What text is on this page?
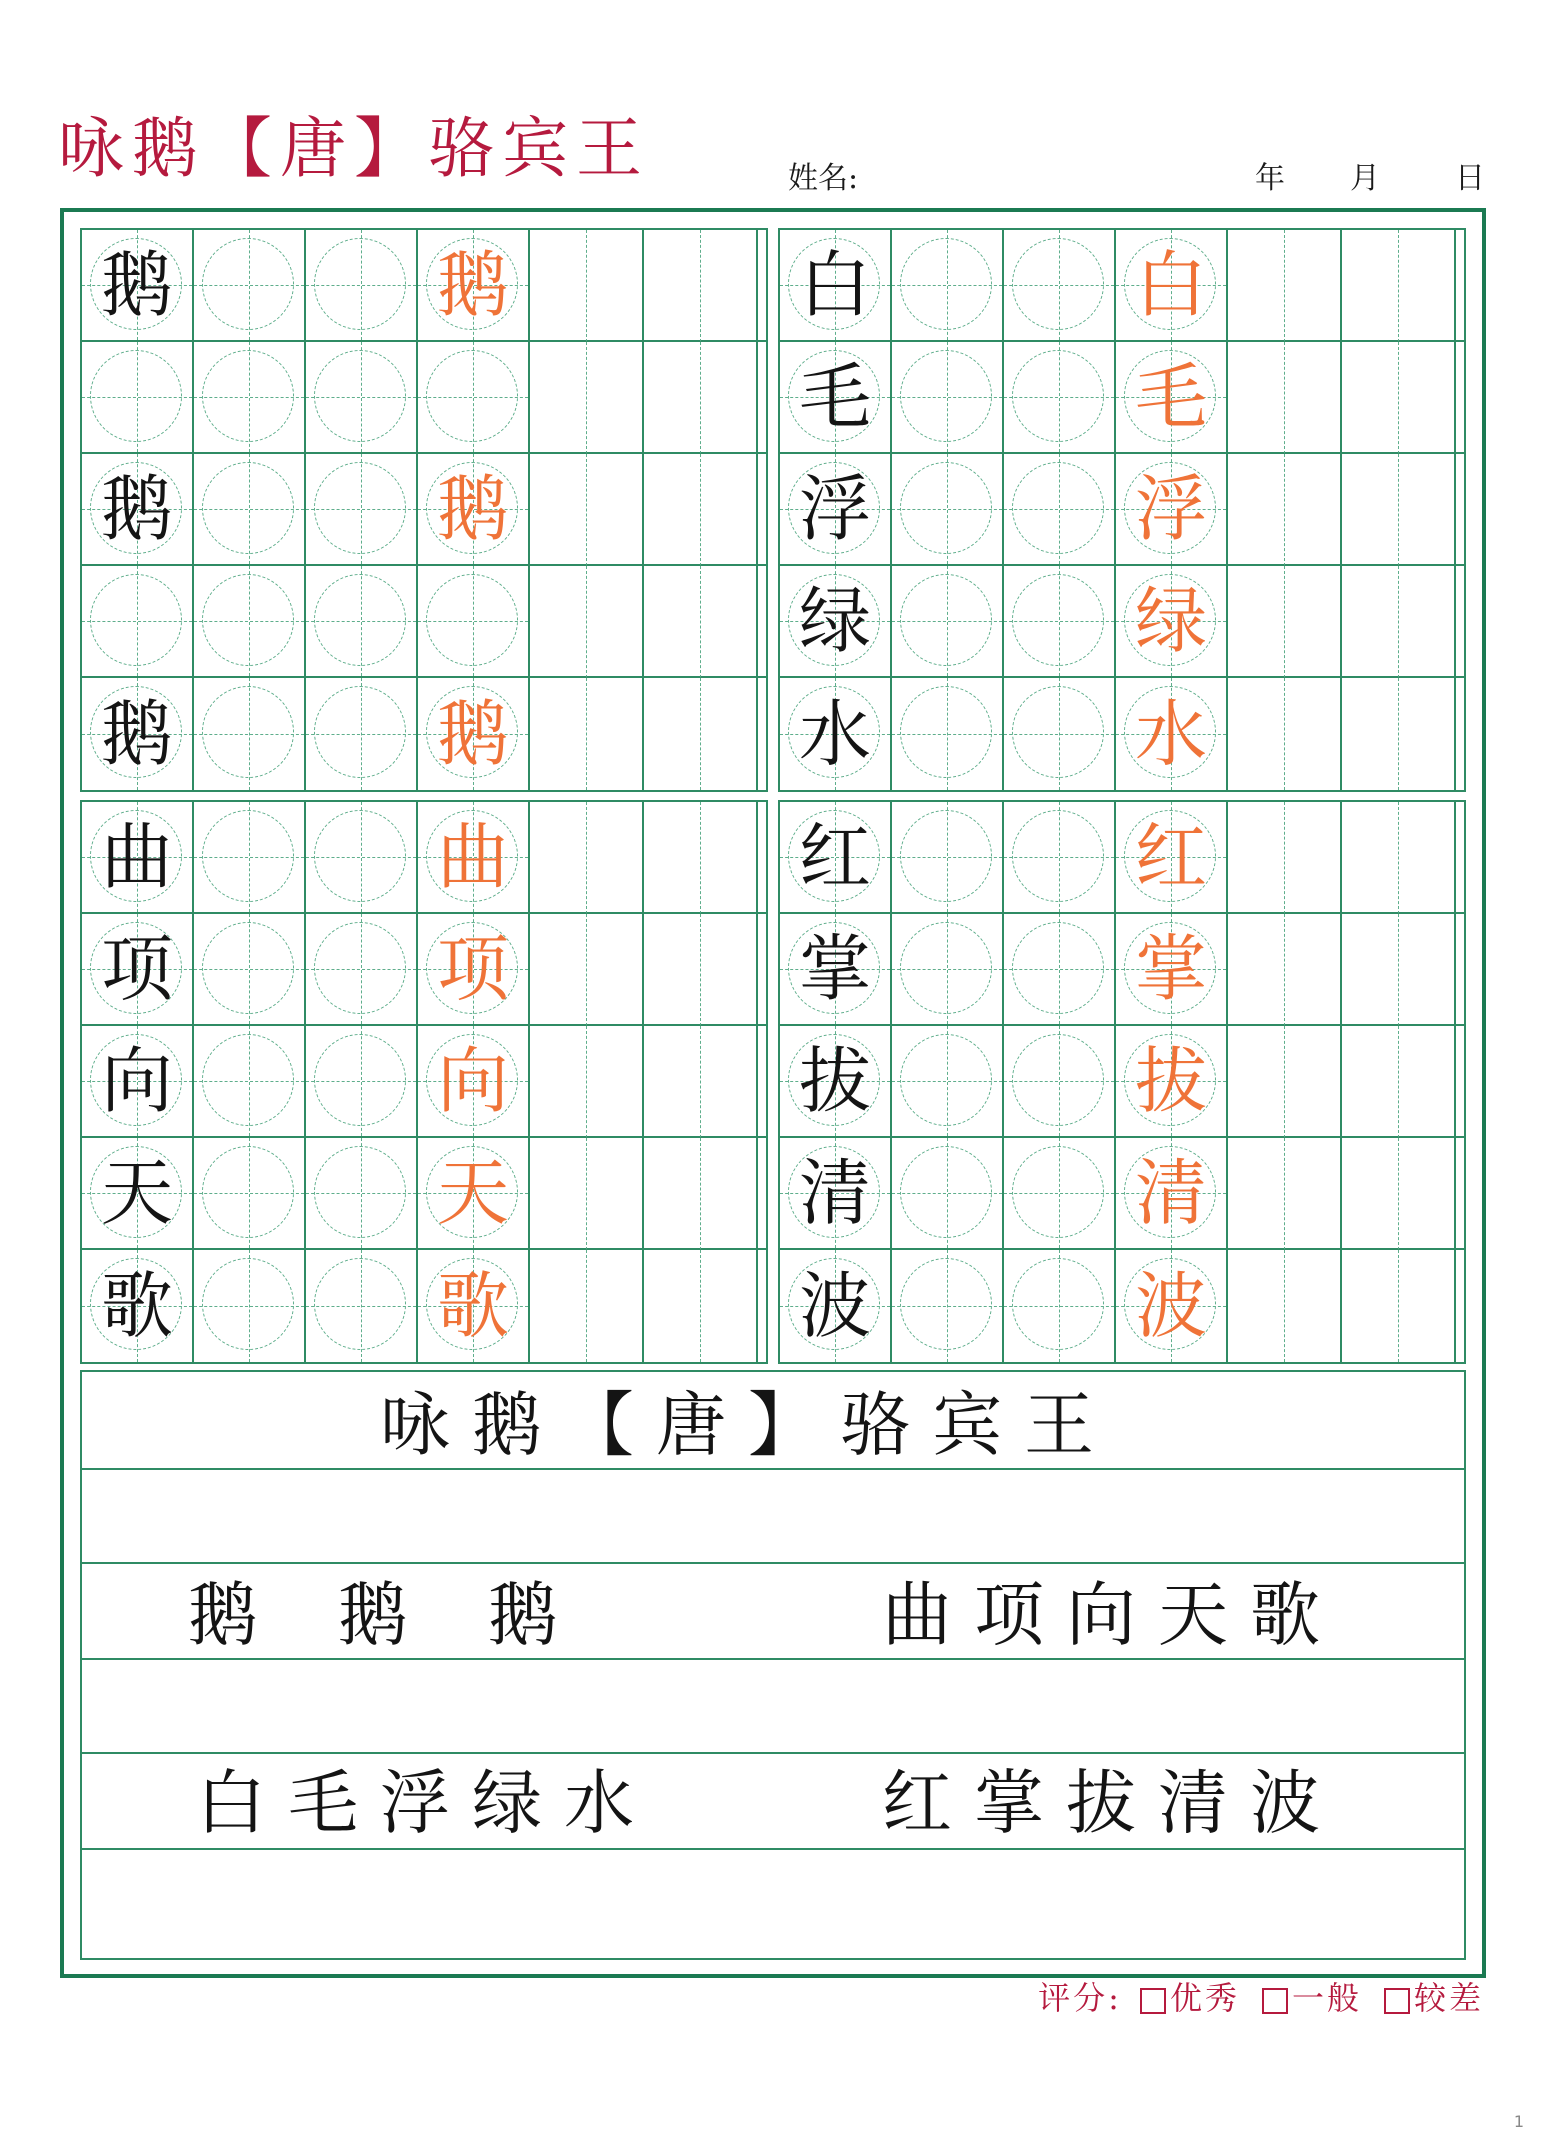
咏鹅【唐】骆宾王	姓名:	年 月	日
鹅	鹅
鹅	鹅
鹅	鹅
白	白
毛	毛
浮	浮
绿	绿
水	水
曲	曲
项	项
向	向
天	天
歌	歌
红	红
掌	掌
拔	拔
清	清
波	波
咏鹅【唐】骆宾王
鹅鹅鹅	曲项向天歌
白毛浮绿水	红掌拔清波
评分: 优秀 一般 较差
1
